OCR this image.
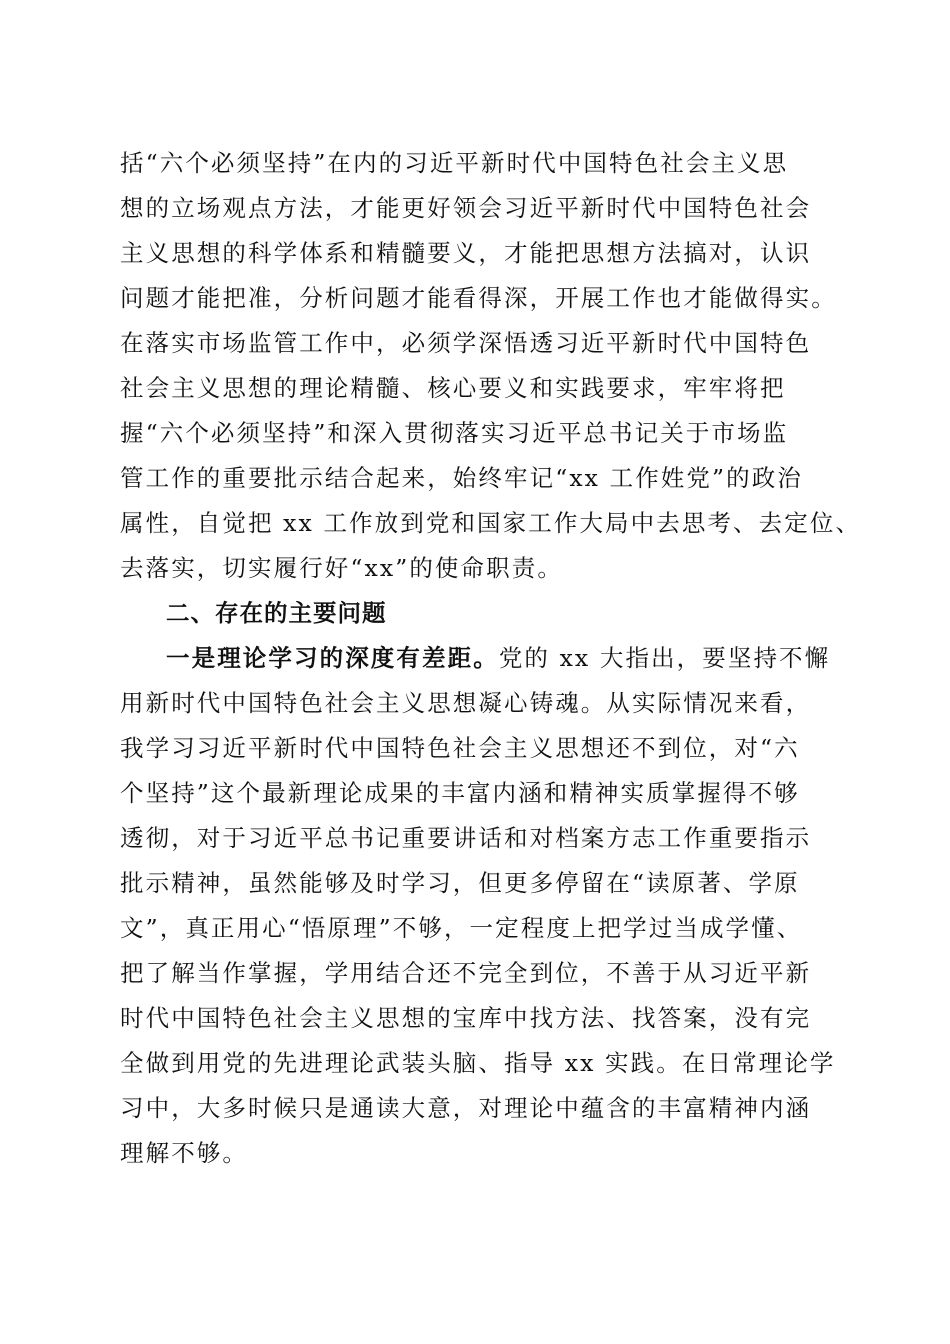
括“六个必须坚持”在内的习近平新时代中国特色社会主义思
想的立场观点方法，才能更好领会习近平新时代中国特色社会
主义思想的科学体系和精髓要义，才能把思想方法搞对，认识
问题才能把准，分析问题才能看得深，开展工作也才能做得实。
在落实市场监管工作中，必须学深悟透习近平新时代中国特色
社会主义思想的理论精髓、核心要义和实践要求，牢牢将把
握“六个必须坚持”和深入贯彻落实习近平总书记关于市场监
管工作的重要批示结合起来，始终牢记“xx 工作姓党”的政治
属性，自觉把 xx 工作放到党和国家工作大局中去思考、去定位、
去落实，切实履行好“xx”的使命职责。
二、存在的主要问题
一是理论学习的深度有差距。党的 xx 大指出，要坚持不懈
用新时代中国特色社会主义思想凝心铸魂。从实际情况来看，
我学习习近平新时代中国特色社会主义思想还不到位，对“六
个坚持”这个最新理论成果的丰富内涵和精神实质掌握得不够
透彻，对于习近平总书记重要讲话和对档案方志工作重要指示
批示精神，虽然能够及时学习，但更多停留在“读原著、学原
文”，真正用心“悟原理”不够，一定程度上把学过当成学懂、
把了解当作掌握，学用结合还不完全到位，不善于从习近平新
时代中国特色社会主义思想的宝库中找方法、找答案，没有完
全做到用党的先进理论武装头脑、指导 xx 实践。在日常理论学
习中，大多时候只是通读大意，对理论中蕴含的丰富精神内涵
理解不够。
